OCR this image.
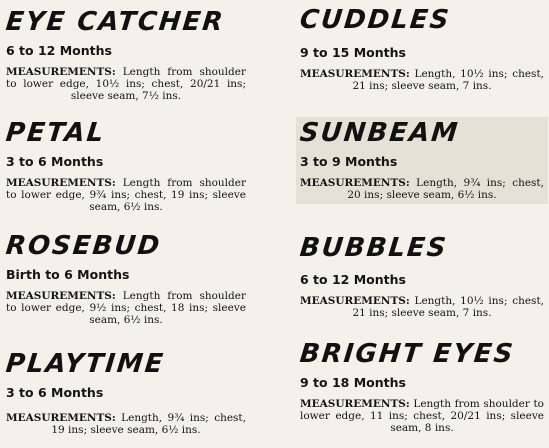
EYE CATCHER
6 to 12 Months
MEASUREMENTS: Length from shoulder to lower edge, 10½ ins; chest, 20/21 ins; sleeve seam, 7½ ins.
PETAL
3 to 6 Months
MEASUREMENTS: Length from shoulder to lower edge, 9¾ ins; chest, 19 ins; sleeve seam, 6½ ins.
ROSEBUD
Birth to 6 Months
MEASUREMENTS: Length from shoulder to lower edge, 9½ ins; chest, 18 ins; sleeve seam, 6½ ins.
PLAYTIME
3 to 6 Months
MEASUREMENTS: Length, 9¾ ins; chest, 19 ins; sleeve seam, 6½ ins.
CUDDLES
9 to 15 Months
MEASUREMENTS: Length, 10½ ins; chest, 21 ins; sleeve seam, 7 ins.
SUNBEAM
3 to 9 Months
MEASUREMENTS: Length, 9¾ ins; chest, 20 ins; sleeve seam, 6½ ins.
BUBBLES
6 to 12 Months
MEASUREMENTS: Length, 10½ ins; chest, 21 ins; sleeve seam, 7 ins.
BRIGHT EYES
9 to 18 Months
MEASUREMENTS: Length from shoulder to lower edge, 11 ins; chest, 20/21 ins; sleeve seam, 8 ins.
